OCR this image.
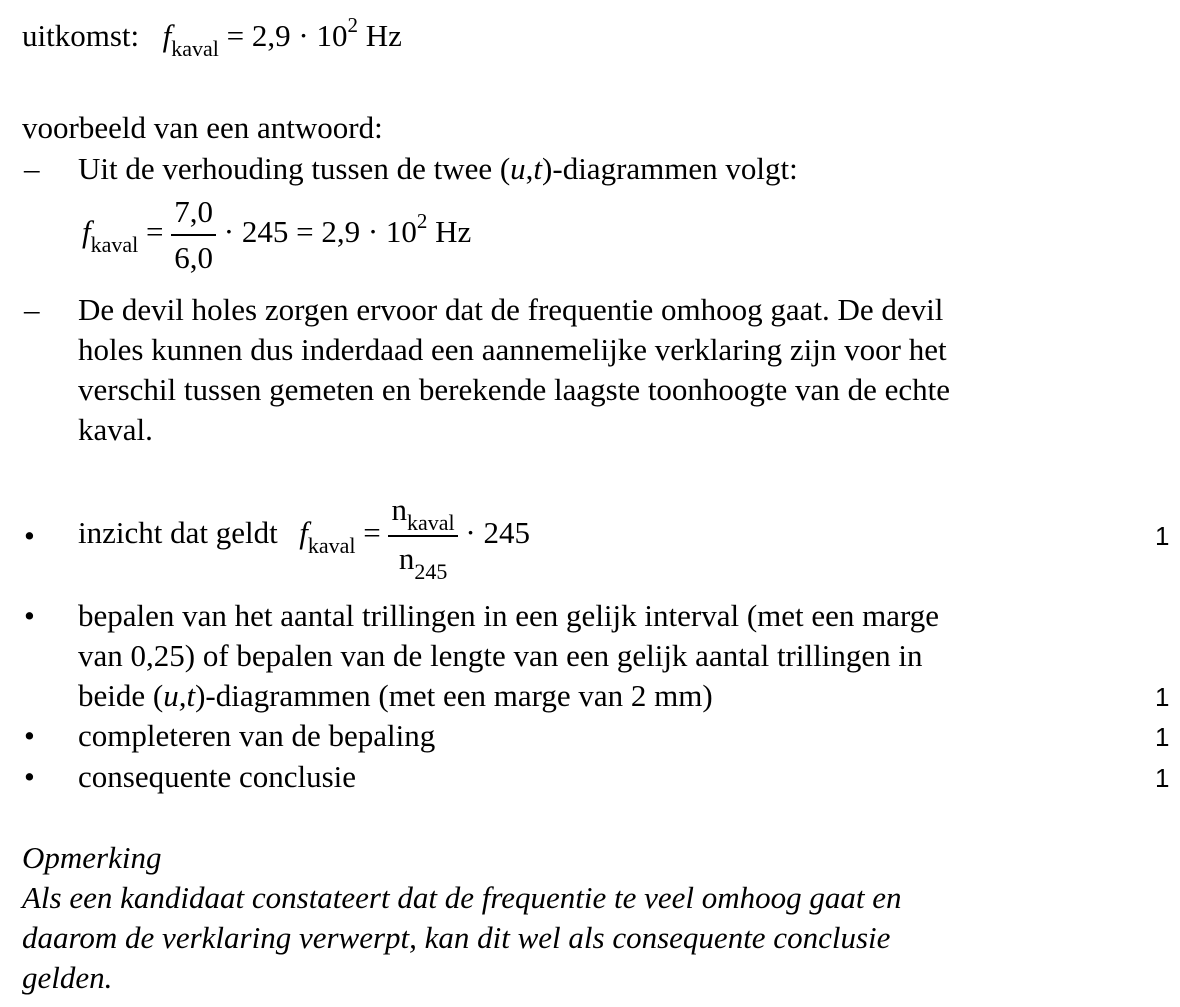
uitkomst: $f_{kaval} = 2,9 \cdot 10^2$ Hz
voorbeeld van een antwoord:
– Uit de verhouding tussen de twee (u,t)-diagrammen volgt:
$f_{kaval} = \frac{7,0}{6,0} \cdot 245 = 2,9 \cdot 10^2$ Hz
– De devil holes zorgen ervoor dat de frequentie omhoog gaat. De devil
holes kunnen dus inderdaad een aannemelijke verklaring zijn voor het
verschil tussen gemeten en berekende laagste toonhoogte van de echte
kaval.
• inzicht dat geldt $f_{kaval} = \frac{n_{kaval}}{n_{245}} \cdot 245$	1
• bepalen van het aantal trillingen in een gelijk interval (met een marge
van 0,25) of bepalen van de lengte van een gelijk aantal trillingen in
beide (u,t)-diagrammen (met een marge van 2 mm)	1
• completeren van de bepaling	1
• consequente conclusie	1
Opmerking
Als een kandidaat constateert dat de frequentie te veel omhoog gaat en
daarom de verklaring verwerpt, kan dit wel als consequente conclusie
gelden.
